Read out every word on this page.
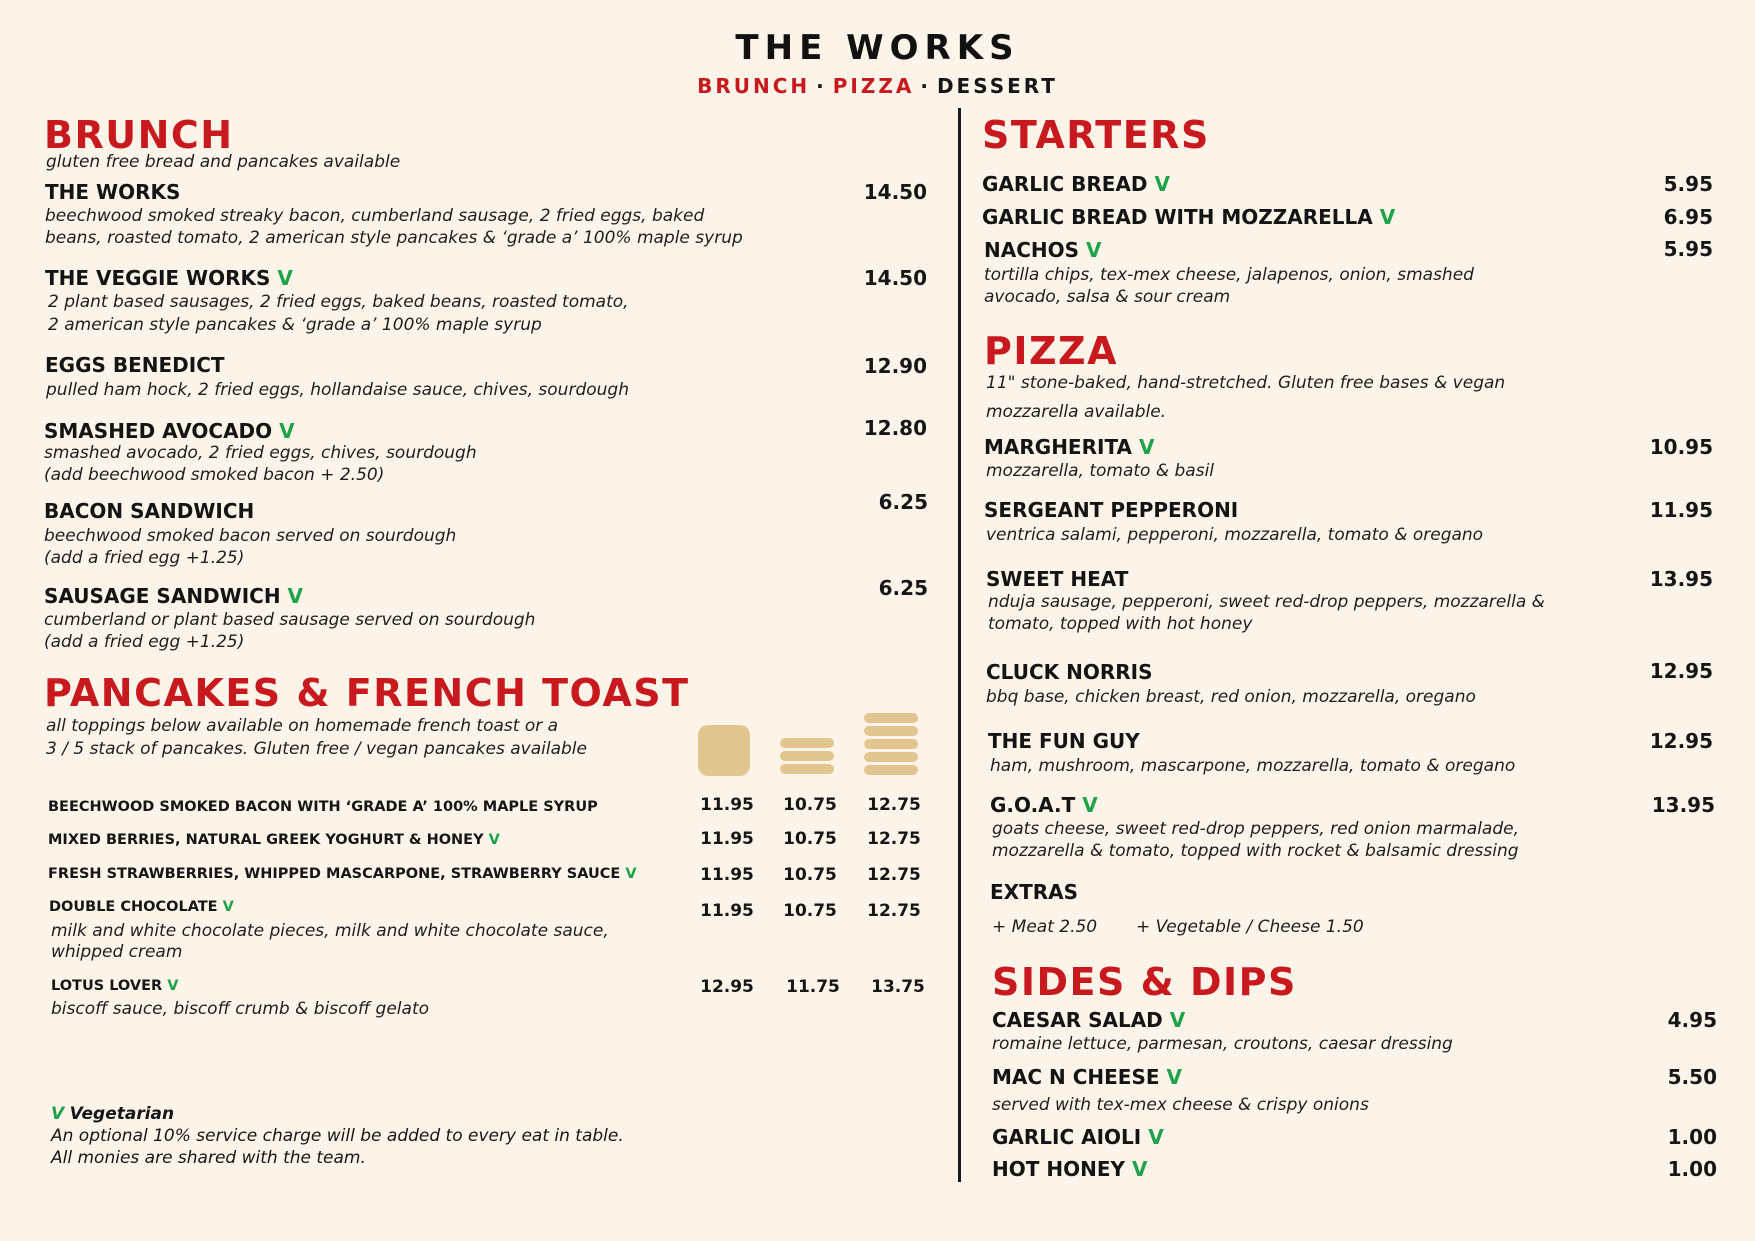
THE WORKS
BRUNCH · PIZZA · DESSERT
BRUNCH
gluten free bread and pancakes available
THE WORKS	14.50
beechwood smoked streaky bacon, cumberland sausage, 2 fried eggs, baked
beans, roasted tomato, 2 american style pancakes & ‘grade a’ 100% maple syrup
THE VEGGIE WORKS V	14.50
2 plant based sausages, 2 fried eggs, baked beans, roasted tomato,
2 american style pancakes & ‘grade a’ 100% maple syrup
EGGS BENEDICT	12.90
pulled ham hock, 2 fried eggs, hollandaise sauce, chives, sourdough
SMASHED AVOCADO V	12.80
smashed avocado, 2 fried eggs, chives, sourdough
(add beechwood smoked bacon + 2.50)
BACON SANDWICH	6.25
beechwood smoked bacon served on sourdough
(add a fried egg +1.25)
SAUSAGE SANDWICH V	6.25
cumberland or plant based sausage served on sourdough
(add a fried egg +1.25)
PANCAKES & FRENCH TOAST
all toppings below available on homemade french toast or a
3 / 5 stack of pancakes. Gluten free / vegan pancakes available
BEECHWOOD SMOKED BACON WITH ‘GRADE A’ 100% MAPLE SYRUP	11.95	10.75	12.75
MIXED BERRIES, NATURAL GREEK YOGHURT & HONEY V	11.95	10.75	12.75
FRESH STRAWBERRIES, WHIPPED MASCARPONE, STRAWBERRY SAUCE V	11.95	10.75	12.75
DOUBLE CHOCOLATE V	11.95	10.75	12.75
milk and white chocolate pieces, milk and white chocolate sauce,
whipped cream
LOTUS LOVER V	12.95	11.75	13.75
biscoff sauce, biscoff crumb & biscoff gelato
V Vegetarian
An optional 10% service charge will be added to every eat in table.
All monies are shared with the team.
STARTERS
GARLIC BREAD V	5.95
GARLIC BREAD WITH MOZZARELLA V	6.95
NACHOS V	5.95
tortilla chips, tex-mex cheese, jalapenos, onion, smashed
avocado, salsa & sour cream
PIZZA
11" stone-baked, hand-stretched. Gluten free bases & vegan
mozzarella available.
MARGHERITA V	10.95
mozzarella, tomato & basil
SERGEANT PEPPERONI	11.95
ventrica salami, pepperoni, mozzarella, tomato & oregano
SWEET HEAT	13.95
nduja sausage, pepperoni, sweet red-drop peppers, mozzarella &
tomato, topped with hot honey
CLUCK NORRIS	12.95
bbq base, chicken breast, red onion, mozzarella, oregano
THE FUN GUY	12.95
ham, mushroom, mascarpone, mozzarella, tomato & oregano
G.O.A.T V	13.95
goats cheese, sweet red-drop peppers, red onion marmalade,
mozzarella & tomato, topped with rocket & balsamic dressing
EXTRAS
+ Meat 2.50 + Vegetable / Cheese 1.50
SIDES & DIPS
CAESAR SALAD V	4.95
romaine lettuce, parmesan, croutons, caesar dressing
MAC N CHEESE V	5.50
served with tex-mex cheese & crispy onions
GARLIC AIOLI V	1.00
HOT HONEY V	1.00
